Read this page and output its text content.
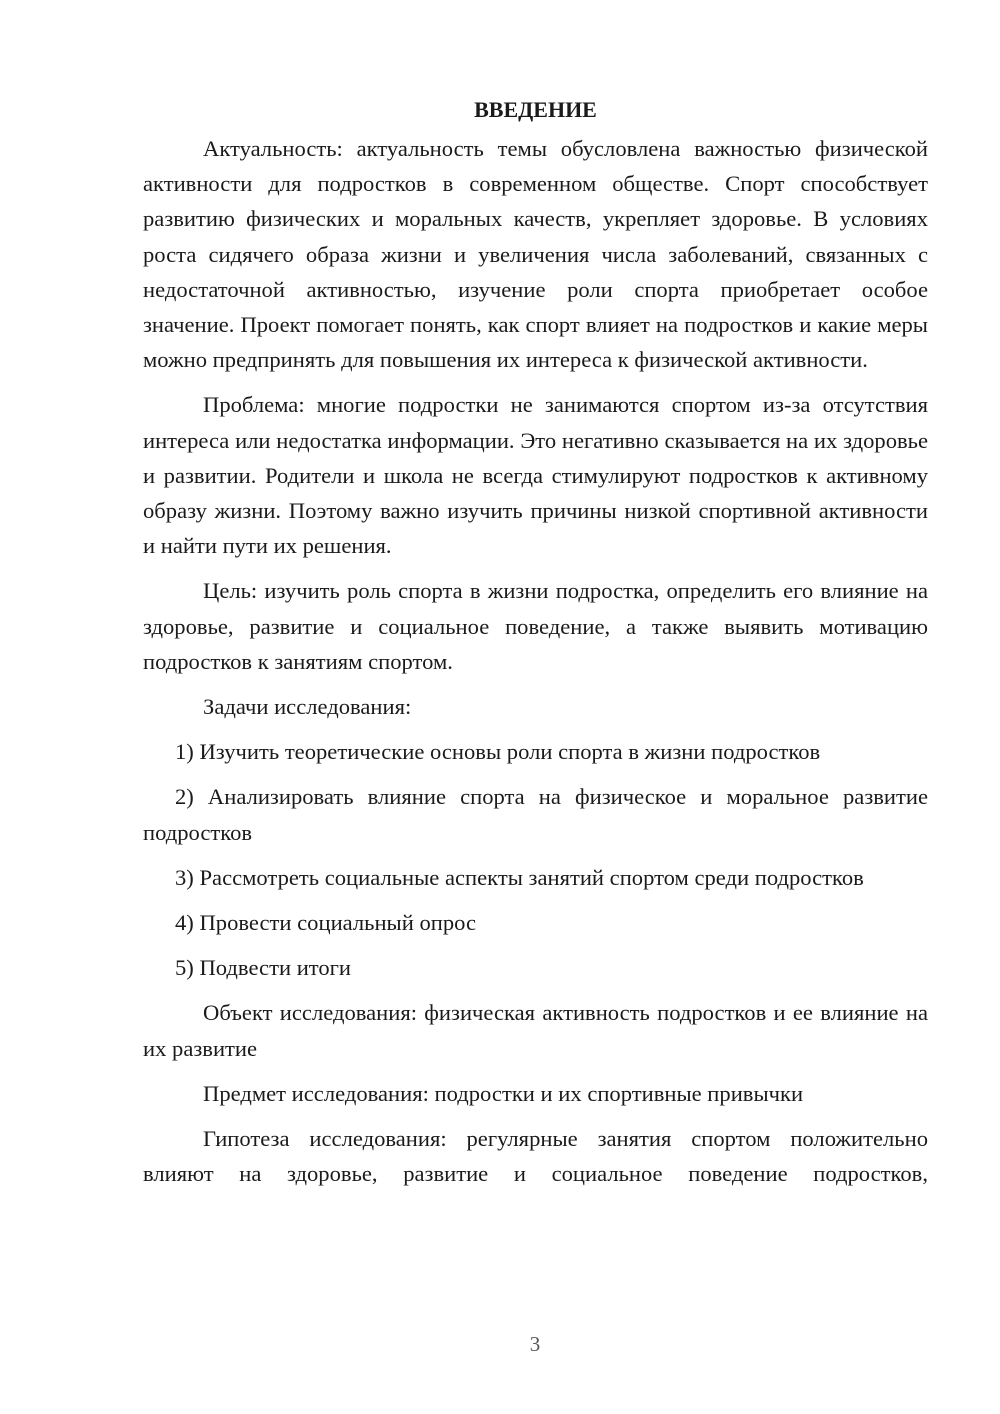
ВВЕДЕНИЕ

Актуальность: актуальность темы обусловлена важностью физической активности для подростков в современном обществе. Спорт способствует развитию физических и моральных качеств, укрепляет здоровье. В условиях роста сидячего образа жизни и увеличения числа заболеваний, связанных с недостаточной активностью, изучение роли спорта приобретает особое значение. Проект помогает понять, как спорт влияет на подростков и какие меры можно предпринять для повышения их интереса к физической активности.

Проблема: многие подростки не занимаются спортом из-за отсутствия интереса или недостатка информации. Это негативно сказывается на их здоровье и развитии. Родители и школа не всегда стимулируют подростков к активному образу жизни. Поэтому важно изучить причины низкой спортивной активности и найти пути их решения.

Цель: изучить роль спорта в жизни подростка, определить его влияние на здоровье, развитие и социальное поведение, а также выявить мотивацию подростков к занятиям спортом.

Задачи исследования:

1) Изучить теоретические основы роли спорта в жизни подростков

2) Анализировать влияние спорта на физическое и моральное развитие подростков

3) Рассмотреть социальные аспекты занятий спортом среди подростков

4) Провести социальный опрос

5) Подвести итоги

Объект исследования: физическая активность подростков и ее влияние на их развитие

Предмет исследования: подростки и их спортивные привычки

Гипотеза исследования: регулярные занятия спортом положительно влияют на здоровье, развитие и социальное поведение подростков,

3
